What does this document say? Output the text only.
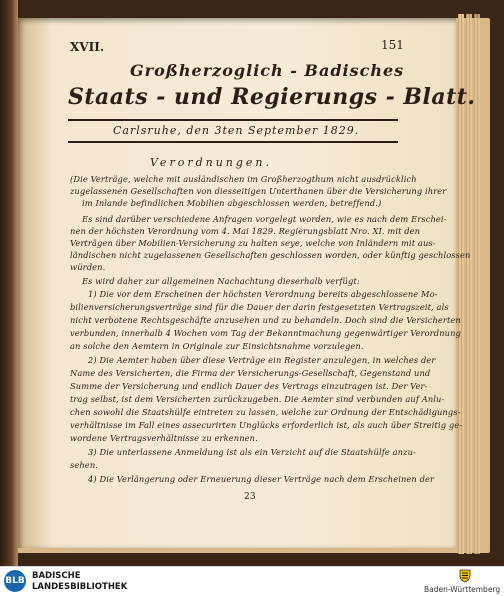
XVII.	151
Großherzoglich - Badisches
Staats - und Regierungs - Blatt.
Carlsruhe, den 3ten September 1829.
Verordnungen.
(Die Verträge, welche mit ausländischen im Großherzogthum nicht ausdrücklich
zugelassenen Gesellschaften von diesseitigen Unterthanen über die Versicherung ihrer
im Inlande befindlichen Mobilien abgeschlossen werden, betreffend.)
Es sind darüber verschiedene Anfragen vorgelegt worden, wie es nach dem Erschei-
nen der höchsten Verordnung vom 4. Mai 1829. Regierungsblatt Nro. XI. mit den
Verträgen über Mobilien-Versicherung zu halten seye, welche von Inländern mit aus-
ländischen nicht zugelassenen Gesellschaften geschlossen worden, oder künftig geschlossen
würden.
Es wird daher zur allgemeinen Nachachtung dieserhalb verfügt:
1) Die vor dem Erscheinen der höchsten Verordnung bereits abgeschlossene Mo-
bilienversicherungsverträge sind für die Dauer der darin festgesetzten Vertragszeit, als
nicht verbotene Rechtsgeschäfte anzusehen und zu behandeln. Doch sind die Versicherten
verbunden, innerhalb 4 Wochen vom Tag der Bekanntmachung gegenwärtiger Verordnung
an solche den Aemtern in Originale zur Einsichtsnahme vorzulegen.
2) Die Aemter haben über diese Verträge ein Register anzulegen, in welches der
Name des Versicherten, die Firma der Versicherungs-Gesellschaft, Gegenstand und
Summe der Versicherung und endlich Dauer des Vertrags einzutragen ist. Der Ver-
trag selbst, ist dem Versicherten zurückzugeben. Die Aemter sind verbunden auf Anlu-
chen sowohl die Staatshülfe eintreten zu lassen, welche zur Ordnung der Entschädigungs-
verhältnisse im Fall eines assecurirten Unglücks erforderlich ist, als auch über Streitig ge-
wordene Vertragsverhältnisse zu erkennen.
3) Die unterlassene Anmeldung ist als ein Verzicht auf die Staatshülfe anzu-
sehen.
4) Die Verlängerung oder Erneuerung dieser Verträge nach dem Erscheinen der
23
BLB BADISCHE
LANDESBIBLIOTHEK	Baden-Württemberg
